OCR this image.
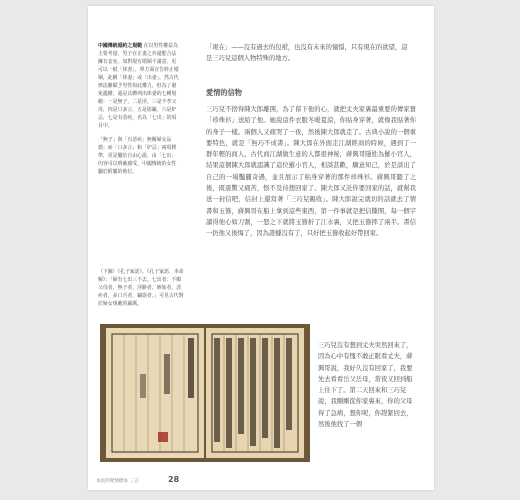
中國傳統婚約之規範 在以男性權益為主要考量，男子在正妻之外還能合法擁有妾室，如對現有婚姻不滿意，更可以一紙「休書」，單方面宣告終止婚姻，此稱「休妻」或「出妻」。然古代律法雖賦予男性如此權力，但為了避免濫權，還是具體列出休妻的七種規範：一是無子，二是淫，三是不孝父母，四是口多言，五是盜竊，六是妒忌，七是有惡疾，名為「七出」的項目中。

「無子」與「有惡疾」無關婦女品德；而「口多言」和「妒忌」兩項標準，更是屬於自由心證，由「七出」內容可以明確感受，中國傳統的女性屬於附屬的地位。

（下圖）《孔子家語》。《孔子家語．本命解》：「婦有七出三不去。七出者：不順父母者，無子者，淫僻者，嫉妬者，惡疾者，多口舌者，竊盜者。」可見古代對於婦女規範的嚴厲。

「現在」——沒有過去的包袱，也沒有未來的憧憬，只有現在的欲望，這是三巧兒這個人物特殊的地方。

愛情的信物

三巧兒不捨得陳大郎離開，為了留下他的心，就把丈夫家裏最重要的傳家寶「珍珠衫」送給了他。她說這件衣服冬暖夏涼，你貼身穿著，就像我貼著你的身子一樣。兩個人又痛哭了一夜，然後陳大郎就走了。古典小說的一個重要特色，就是「無巧不成書」。陳大郎在外面走江湖經商的時候，遇到了一群年輕的商人，古代商江湖做生意的人都很神秘，蔣興哥隱姓為羅小官人，結果這個陳大郎就認識了這位羅小官人，相談甚歡，願意知己，於是談出了自己的一場豔麗奇遇，並且展示了貼身穿著的那件珍珠衫。蔣興哥聽了之後，既震驚又痛苦，恨不及待想回家了。陳大郎又託你要回家的話，就幫我送一封信吧，信封上還寫著「三巧兒親收」。陳大郎說完就切的話就去了情書和玉簪，蔣興哥在船上拿到這些東西，第一件事就是把信撕開，每一個字讀得他心如刀割，一怒之下就將玉簪折了江水裏，又把玉簪摔了兩半。書信一扔他又後悔了，因為證據沒有了，只好把玉簪收起好帶回家。

三巧兒沒有想到丈夫突然回來了，因為心中有愧不敢正眼看丈夫，蔣興哥說，我好久沒有回家了，我要先去看看岳父岳母，當夜又回到船上住下了。第二天回來和三巧兒說，我剛剛從你家裏來，你的父母得了急病，想你呢，你趕緊回去，然後他找了一個

本於的愛情標本 三言	28
